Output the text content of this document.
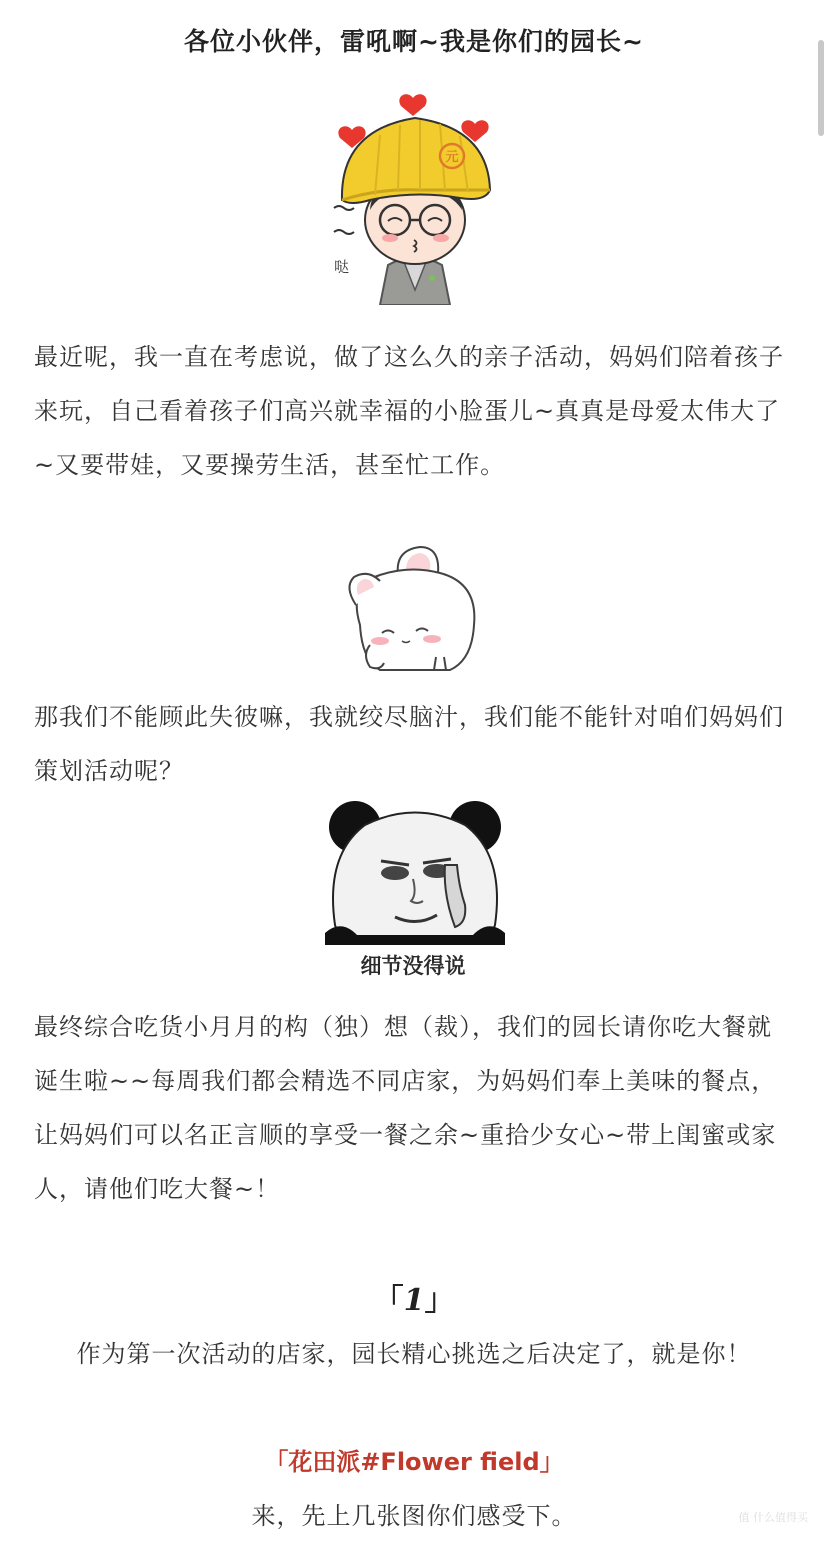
各位小伙伴，雷吼啊~我是你们的园长~
元
哒

最近呢，我一直在考虑说，做了这么久的亲子活动，妈妈们陪着孩子来玩，自己看着孩子们高兴就幸福的小脸蛋儿~真真是母爱太伟大了~又要带娃，又要操劳生活，甚至忙工作。

那我们不能顾此失彼嘛，我就绞尽脑汁，我们能不能针对咱们妈妈们策划活动呢？

细节没得说

最终综合吃货小月月的构（独）想（裁），我们的园长请你吃大餐就诞生啦~~每周我们都会精选不同店家，为妈妈们奉上美味的餐点，让妈妈们可以名正言顺的享受一餐之余~重拾少女心~带上闺蜜或家人，请他们吃大餐~！

「1」

作为第一次活动的店家，园长精心挑选之后决定了，就是你！

「花田派#Flower field」

来，先上几张图你们感受下。	值 什么值得买
